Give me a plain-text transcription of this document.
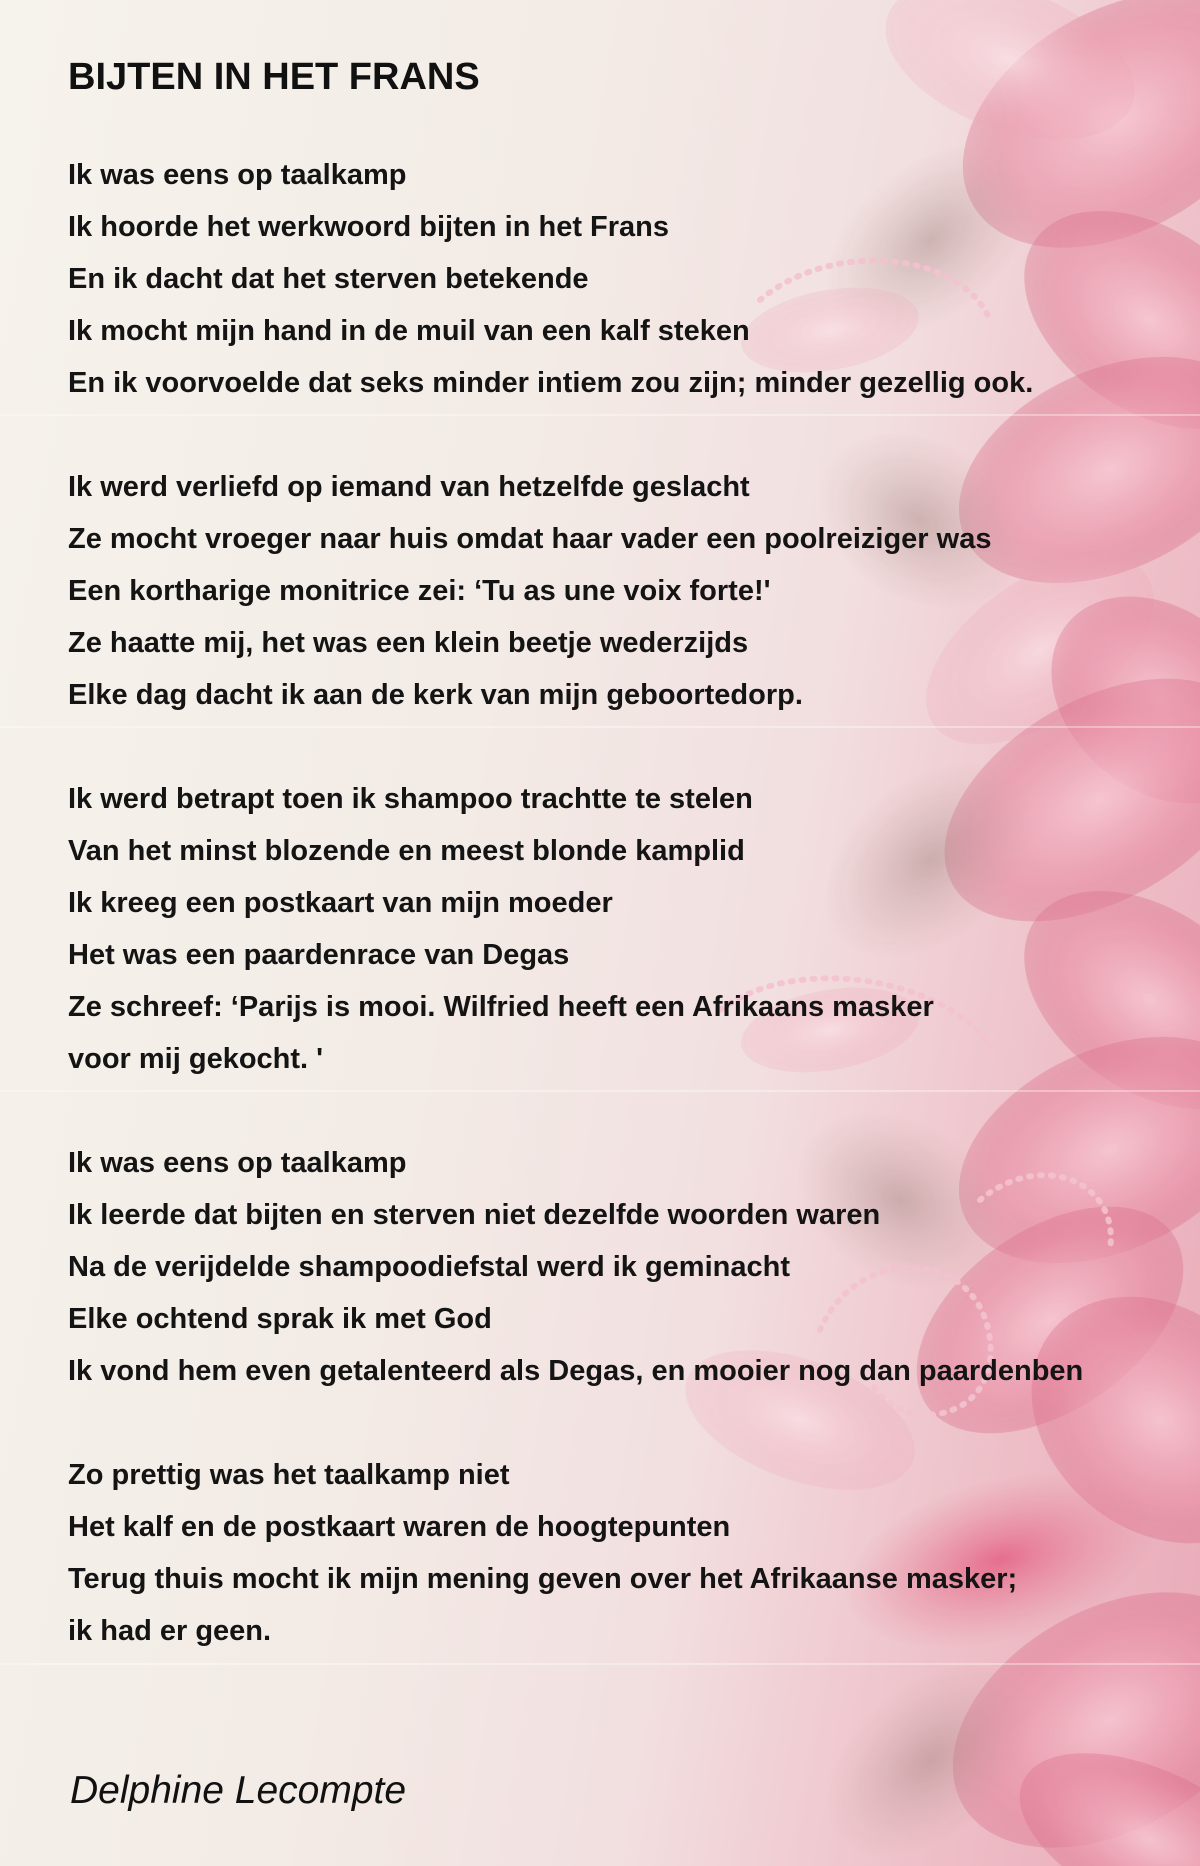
BIJTEN IN HET FRANS
Ik was eens op taalkamp
Ik hoorde het werkwoord bijten in het Frans
En ik dacht dat het sterven betekende
Ik mocht mijn hand in de muil van een kalf steken
En ik voorvoelde dat seks minder intiem zou zijn; minder gezellig ook.
Ik werd verliefd op iemand van hetzelfde geslacht
Ze mocht vroeger naar huis omdat haar vader een poolreiziger was
Een kortharige monitrice zei: ‘Tu as une voix forte!'
Ze haatte mij, het was een klein beetje wederzijds
Elke dag dacht ik aan de kerk van mijn geboortedorp.
Ik werd betrapt toen ik shampoo trachtte te stelen
Van het minst blozende en meest blonde kamplid
Ik kreeg een postkaart van mijn moeder
Het was een paardenrace van Degas
Ze schreef: ‘Parijs is mooi. Wilfried heeft een Afrikaans masker
voor mij gekocht. '
Ik was eens op taalkamp
Ik leerde dat bijten en sterven niet dezelfde woorden waren
Na de verijdelde shampoodiefstal werd ik geminacht
Elke ochtend sprak ik met God
Ik vond hem even getalenteerd als Degas, en mooier nog dan paardenben
Zo prettig was het taalkamp niet
Het kalf en de postkaart waren de hoogtepunten
Terug thuis mocht ik mijn mening geven over het Afrikaanse masker;
ik had er geen.
Delphine Lecompte
